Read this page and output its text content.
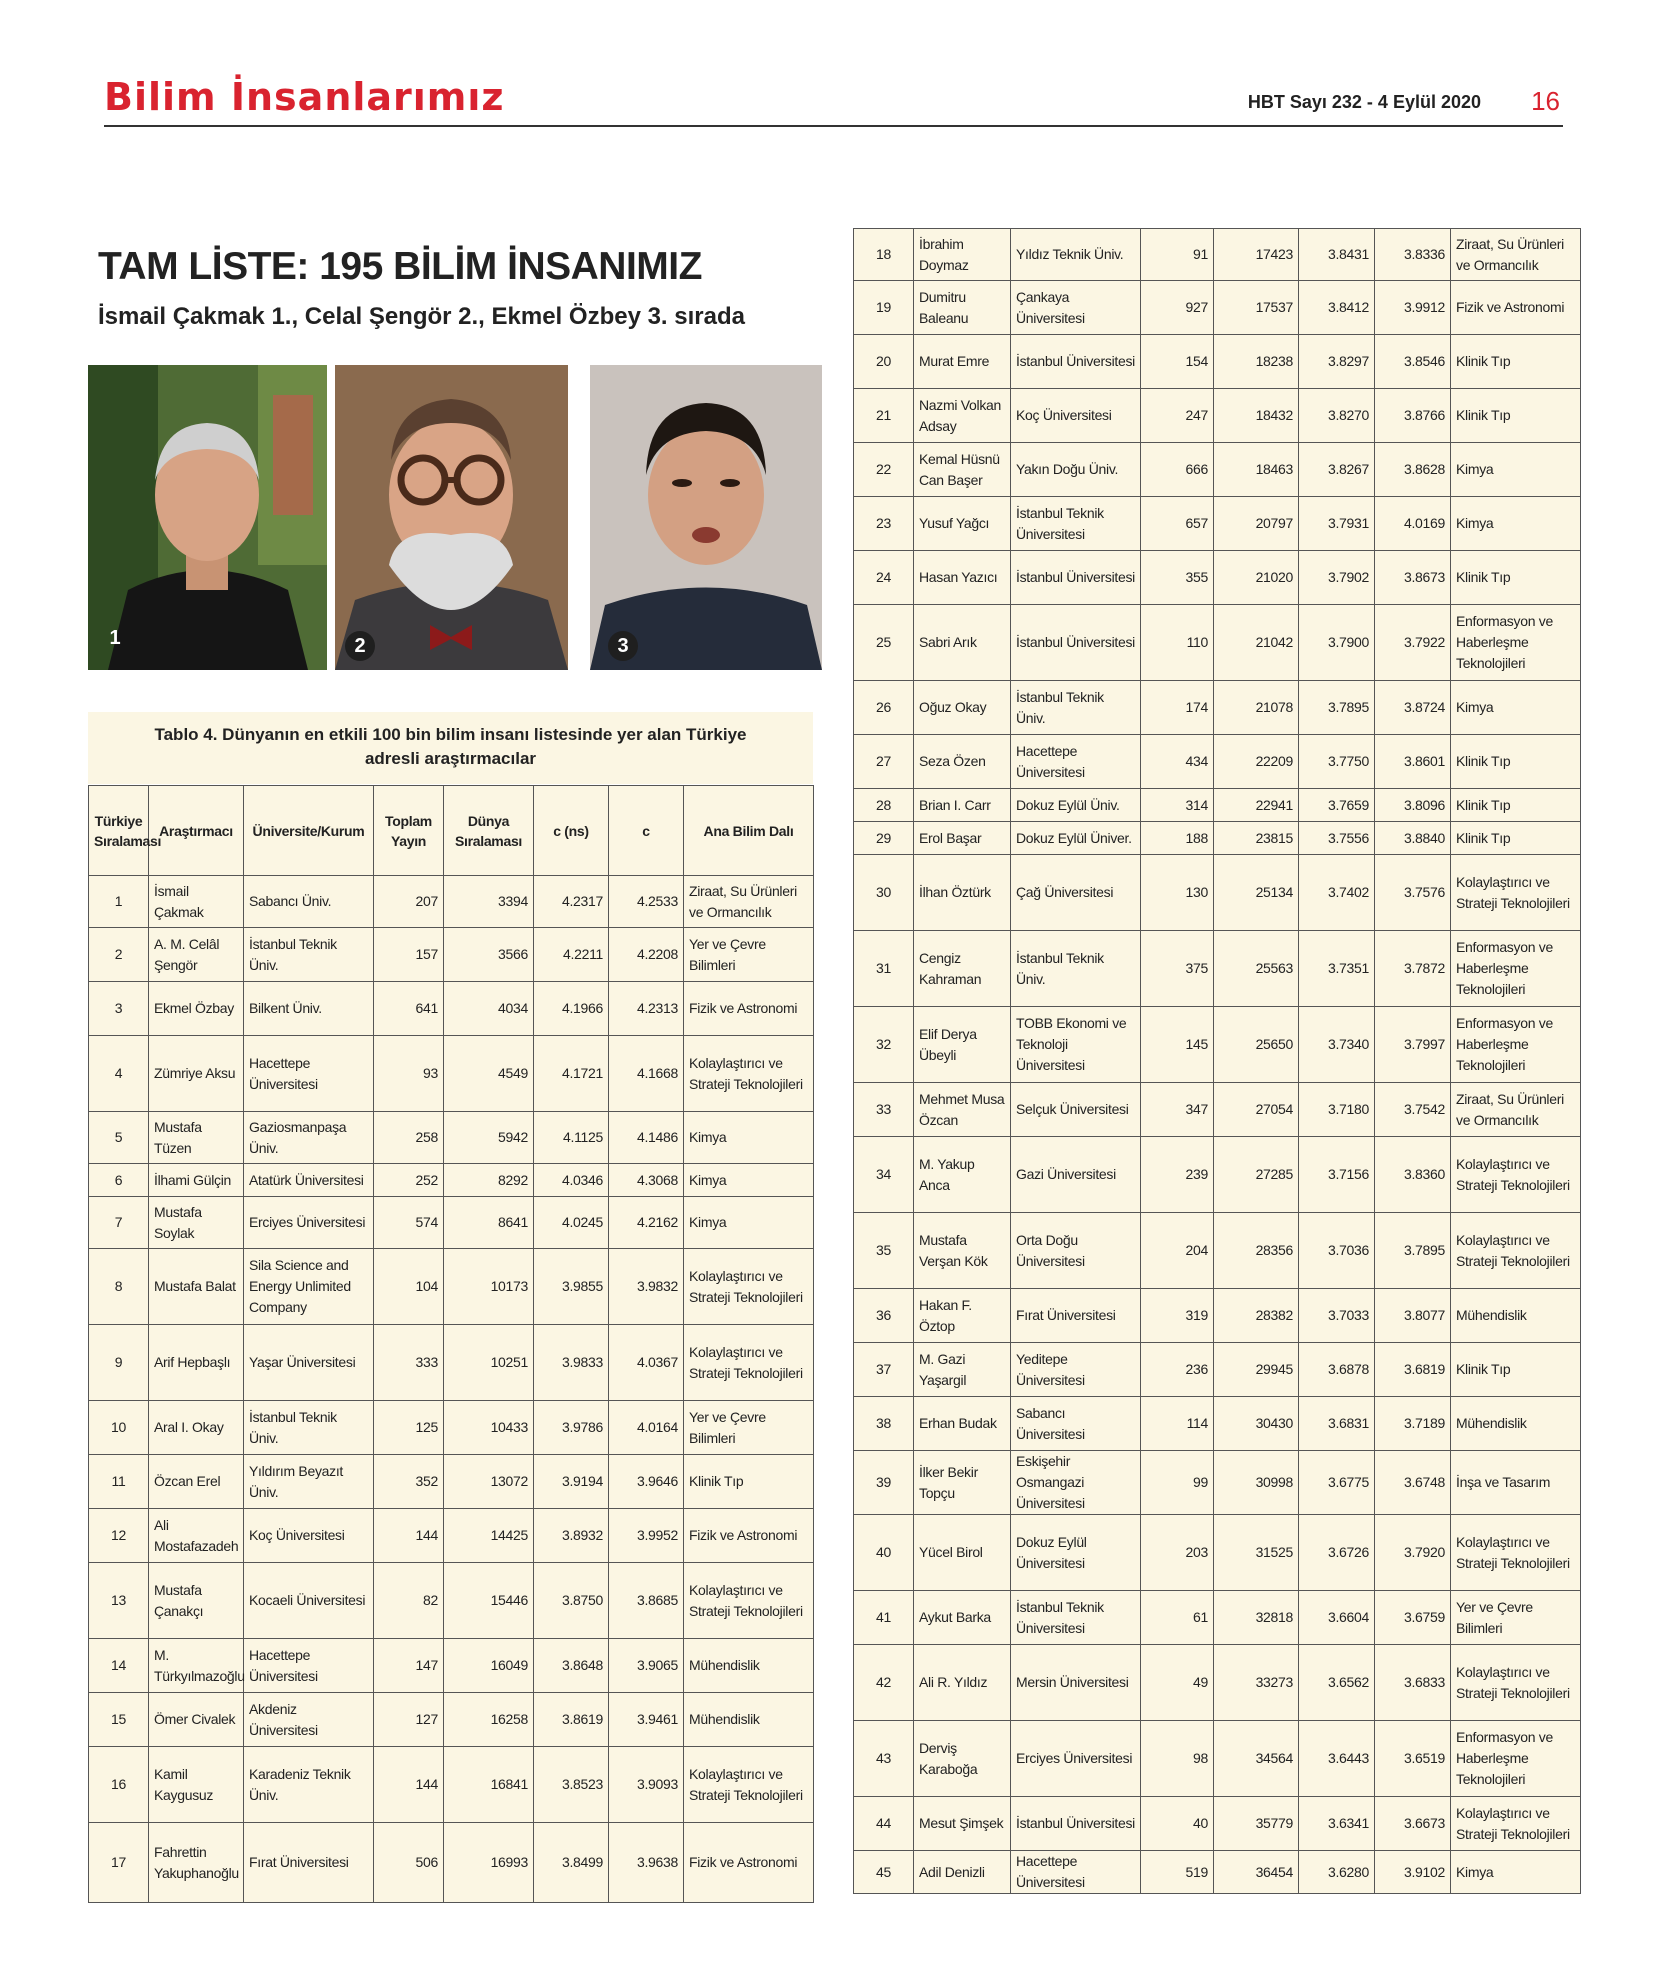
Bilim İnsanlarımız	HBT Sayı 232 - 4 Eylül 2020 16
TAM LİSTE: 195 BİLİM İNSANIMIZ
İsmail Çakmak 1., Celal Şengör 2., Ekmel Özbey 3. sırada
1	2	3
Tablo 4. Dünyanın en etkili 100 bin bilim insanı listesinde yer alan Türkiye adresli araştırmacılar
Türkiye Sıralaması	Araştırmacı	Üniversite/Kurum	Toplam Yayın	Dünya Sıralaması	c (ns)	c	Ana Bilim Dalı
1	İsmail Çakmak	Sabancı Üniv.	207	3394	4.2317	4.2533	Ziraat, Su Ürünleri ve Ormancılık
2	A. M. Celâl Şengör	İstanbul Teknik Üniv.	157	3566	4.2211	4.2208	Yer ve Çevre Bilimleri
3	Ekmel Özbay	Bilkent Üniv.	641	4034	4.1966	4.2313	Fizik ve Astronomi
4	Zümriye Aksu	Hacettepe Üniversitesi	93	4549	4.1721	4.1668	Kolaylaştırıcı ve Strateji Teknolojileri
5	Mustafa Tüzen	Gaziosmanpaşa Üniv.	258	5942	4.1125	4.1486	Kimya
6	İlhami Gülçin	Atatürk Üniversitesi	252	8292	4.0346	4.3068	Kimya
7	Mustafa Soylak	Erciyes Üniversitesi	574	8641	4.0245	4.2162	Kimya
8	Mustafa Balat	Sila Science and Energy Unlimited Company	104	10173	3.9855	3.9832	Kolaylaştırıcı ve Strateji Teknolojileri
9	Arif Hepbaşlı	Yaşar Üniversitesi	333	10251	3.9833	4.0367	Kolaylaştırıcı ve Strateji Teknolojileri
10	Aral I. Okay	İstanbul Teknik Üniv.	125	10433	3.9786	4.0164	Yer ve Çevre Bilimleri
11	Özcan Erel	Yıldırım Beyazıt Üniv.	352	13072	3.9194	3.9646	Klinik Tıp
12	Ali Mostafazadeh	Koç Üniversitesi	144	14425	3.8932	3.9952	Fizik ve Astronomi
13	Mustafa Çanakçı	Kocaeli Üniversitesi	82	15446	3.8750	3.8685	Kolaylaştırıcı ve Strateji Teknolojileri
14	M. Türkyılmazoğlu	Hacettepe Üniversitesi	147	16049	3.8648	3.9065	Mühendislik
15	Ömer Civalek	Akdeniz Üniversitesi	127	16258	3.8619	3.9461	Mühendislik
16	Kamil Kaygusuz	Karadeniz Teknik Üniv.	144	16841	3.8523	3.9093	Kolaylaştırıcı ve Strateji Teknolojileri
17	Fahrettin Yakuphanoğlu	Fırat Üniversitesi	506	16993	3.8499	3.9638	Fizik ve Astronomi
18	İbrahim Doymaz	Yıldız Teknik Üniv.	91	17423	3.8431	3.8336	Ziraat, Su Ürünleri ve Ormancılık
19	Dumitru Baleanu	Çankaya Üniversitesi	927	17537	3.8412	3.9912	Fizik ve Astronomi
20	Murat Emre	İstanbul Üniversitesi	154	18238	3.8297	3.8546	Klinik Tıp
21	Nazmi Volkan Adsay	Koç Üniversitesi	247	18432	3.8270	3.8766	Klinik Tıp
22	Kemal Hüsnü Can Başer	Yakın Doğu Üniv.	666	18463	3.8267	3.8628	Kimya
23	Yusuf Yağcı	İstanbul Teknik Üniversitesi	657	20797	3.7931	4.0169	Kimya
24	Hasan Yazıcı	İstanbul Üniversitesi	355	21020	3.7902	3.8673	Klinik Tıp
25	Sabri Arık	İstanbul Üniversitesi	110	21042	3.7900	3.7922	Enformasyon ve Haberleşme Teknolojileri
26	Oğuz Okay	İstanbul Teknik Üniv.	174	21078	3.7895	3.8724	Kimya
27	Seza Özen	Hacettepe Üniversitesi	434	22209	3.7750	3.8601	Klinik Tıp
28	Brian I. Carr	Dokuz Eylül Üniv.	314	22941	3.7659	3.8096	Klinik Tıp
29	Erol Başar	Dokuz Eylül Üniver.	188	23815	3.7556	3.8840	Klinik Tıp
30	İlhan Öztürk	Çağ Üniversitesi	130	25134	3.7402	3.7576	Kolaylaştırıcı ve Strateji Teknolojileri
31	Cengiz Kahraman	İstanbul Teknik Üniv.	375	25563	3.7351	3.7872	Enformasyon ve Haberleşme Teknolojileri
32	Elif Derya Übeyli	TOBB Ekonomi ve Teknoloji Üniversitesi	145	25650	3.7340	3.7997	Enformasyon ve Haberleşme Teknolojileri
33	Mehmet Musa Özcan	Selçuk Üniversitesi	347	27054	3.7180	3.7542	Ziraat, Su Ürünleri ve Ormancılık
34	M. Yakup Anca	Gazi Üniversitesi	239	27285	3.7156	3.8360	Kolaylaştırıcı ve Strateji Teknolojileri
35	Mustafa Verşan Kök	Orta Doğu Üniversitesi	204	28356	3.7036	3.7895	Kolaylaştırıcı ve Strateji Teknolojileri
36	Hakan F. Öztop	Fırat Üniversitesi	319	28382	3.7033	3.8077	Mühendislik
37	M. Gazi Yaşargil	Yeditepe Üniversitesi	236	29945	3.6878	3.6819	Klinik Tıp
38	Erhan Budak	Sabancı Üniversitesi	114	30430	3.6831	3.7189	Mühendislik
39	İlker Bekir Topçu	Eskişehir Osmangazi Üniversitesi	99	30998	3.6775	3.6748	İnşa ve Tasarım
40	Yücel Birol	Dokuz Eylül Üniversitesi	203	31525	3.6726	3.7920	Kolaylaştırıcı ve Strateji Teknolojileri
41	Aykut Barka	İstanbul Teknik Üniversitesi	61	32818	3.6604	3.6759	Yer ve Çevre Bilimleri
42	Ali R. Yıldız	Mersin Üniversitesi	49	33273	3.6562	3.6833	Kolaylaştırıcı ve Strateji Teknolojileri
43	Derviş Karaboğa	Erciyes Üniversitesi	98	34564	3.6443	3.6519	Enformasyon ve Haberleşme Teknolojileri
44	Mesut Şimşek	İstanbul Üniversitesi	40	35779	3.6341	3.6673	Kolaylaştırıcı ve Strateji Teknolojileri
45	Adil Denizli	Hacettepe Üniversitesi	519	36454	3.6280	3.9102	Kimya
